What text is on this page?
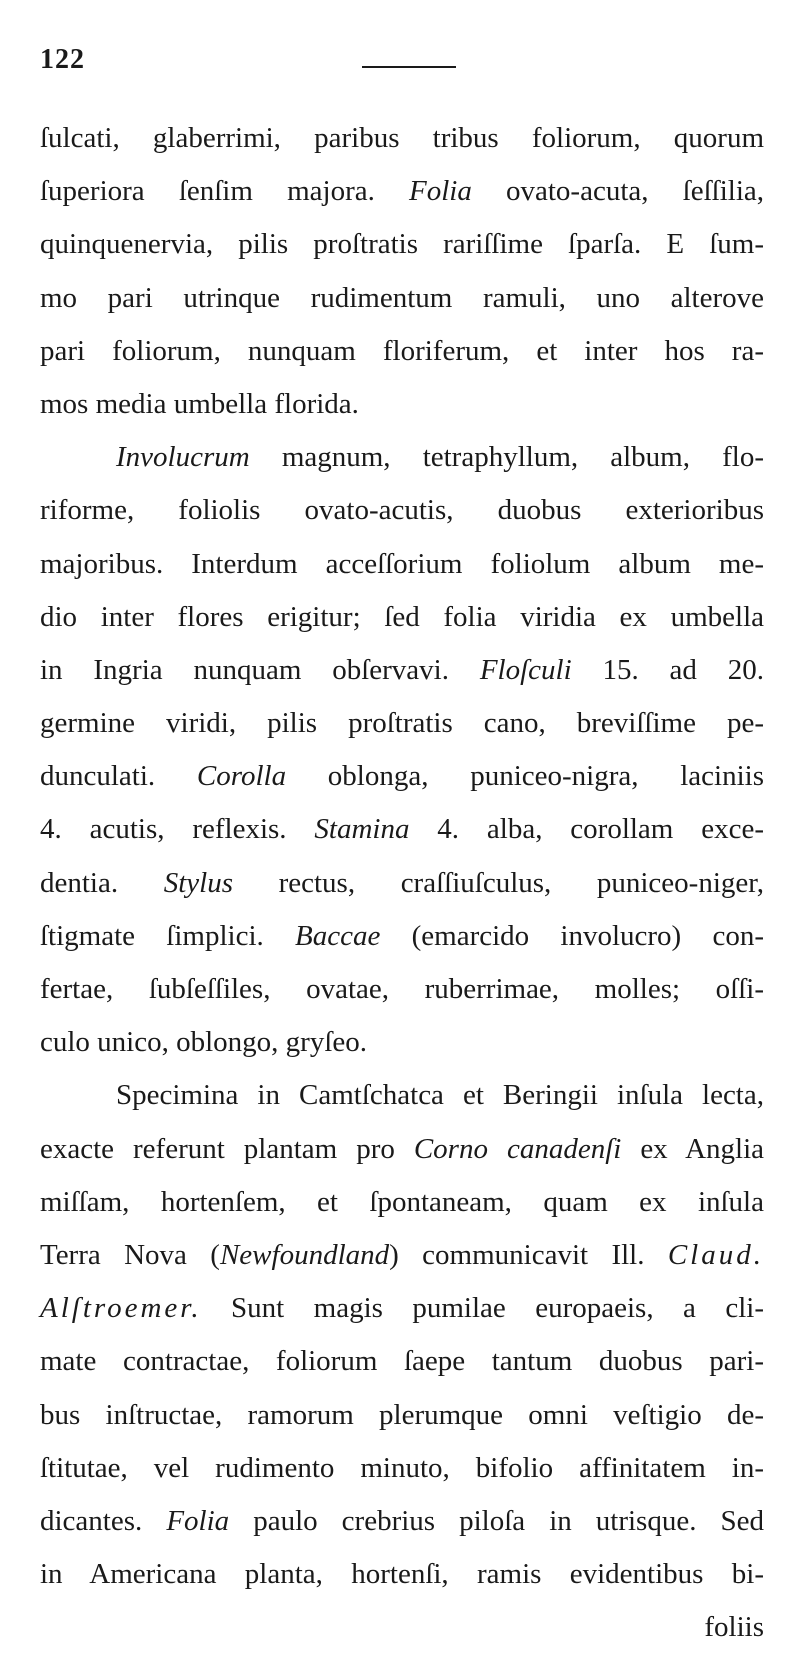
122
ſulcati, glaberrimi, paribus tribus foliorum, quorum
ſuperiora ſenſim majora. Folia ovato-acuta, ſeſſilia,
quinquenervia, pilis proſtratis rariſſime ſparſa. E ſum-
mo pari utrinque rudimentum ramuli, uno alterove
pari foliorum, nunquam floriferum, et inter hos ra-
mos media umbella florida.
Involucrum magnum, tetraphyllum, album, flo-
riforme, foliolis ovato-acutis, duobus exterioribus
majoribus. Interdum acceſſorium foliolum album me-
dio inter flores erigitur; ſed folia viridia ex umbella
in Ingria nunquam obſervavi. Floſculi 15. ad 20.
germine viridi, pilis proſtratis cano, breviſſime pe-
dunculati. Corolla oblonga, puniceo-nigra, laciniis
4. acutis, reflexis. Stamina 4. alba, corollam exce-
dentia. Stylus rectus, craſſiuſculus, puniceo-niger,
ſtigmate ſimplici. Baccae (emarcido involucro) con-
fertae, ſubſeſſiles, ovatae, ruberrimae, molles; oſſi-
culo unico, oblongo, gryſeo.
Specimina in Camtſchatca et Beringii inſula lecta,
exacte referunt plantam pro Corno canadenſi ex Anglia
miſſam, hortenſem, et ſpontaneam, quam ex inſula
Terra Nova (Newfoundland) communicavit Ill. Claud.
Alſtroemer. Sunt magis pumilae europaeis, a cli-
mate contractae, foliorum ſaepe tantum duobus pari-
bus inſtructae, ramorum plerumque omni veſtigio de-
ſtitutae, vel rudimento minuto, bifolio affinitatem in-
dicantes. Folia paulo crebrius piloſa in utrisque. Sed
in Americana planta, hortenſi, ramis evidentibus bi-
foliis
